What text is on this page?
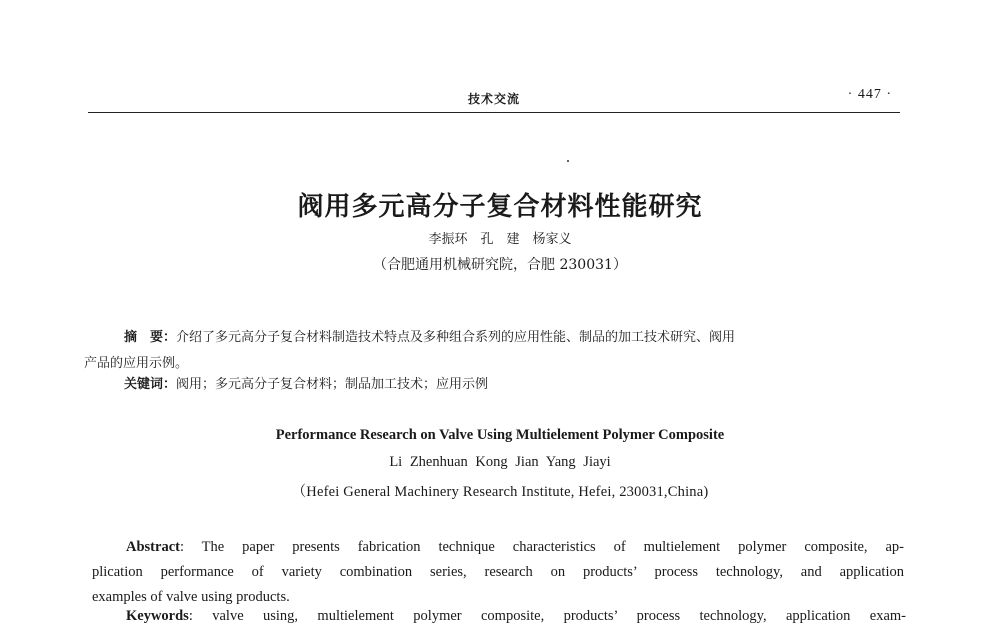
技术交流	· 447 ·
阀用多元高分子复合材料性能研究
李振环　孔　建　杨家义
（合肥通用机械研究院，合肥 230031）
摘　要：介绍了多元高分子复合材料制造技术特点及多种组合系列的应用性能、制品的加工技术研究、阀用
产品的应用示例。
关键词：阀用；多元高分子复合材料；制品加工技术；应用示例
Performance Research on Valve Using Multielement Polymer Composite
Li Zhenhuan Kong Jian Yang Jiayi
（Hefei General Machinery Research Institute, Hefei, 230031,China)

Abstract: The paper presents fabrication technique characteristics of multielement polymer composite, ap-

plication performance of variety combination series, research on products’ process technology, and application

examples of valve using products.

Keywords: valve using, multielement polymer composite, products’ process technology, application exam-
